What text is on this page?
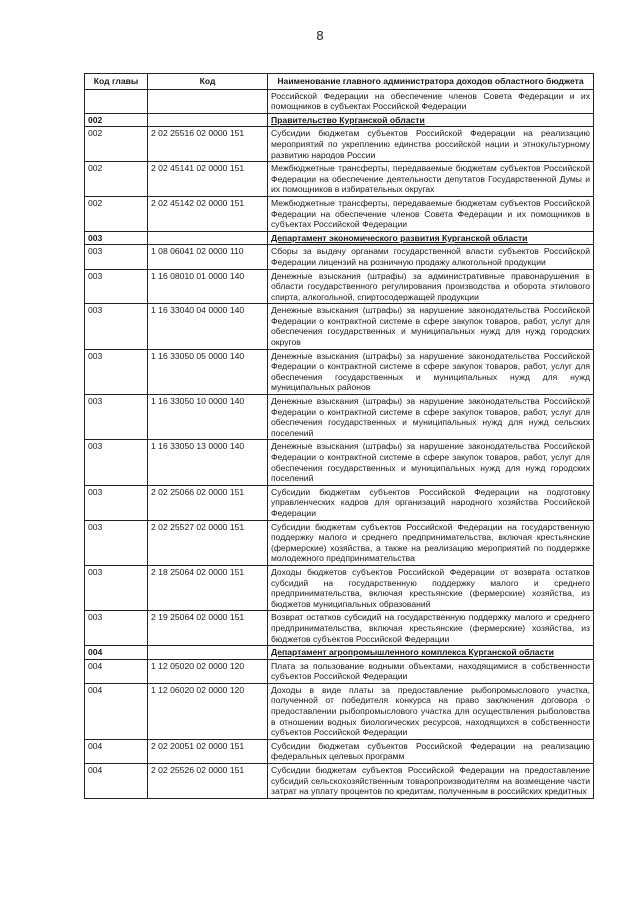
8
Код главы	Код	Наименование главного администратора доходов областного бюджета
		Российской Федерации на обеспечение членов Совета Федерации и их помощников в субъектах Российской Федерации
002		Правительство Курганской области
002	2 02 25516 02 0000 151	Субсидии бюджетам субъектов Российской Федерации на реализацию мероприятий по укреплению единства российской нации и этнокультурному развитию народов России
002	2 02 45141 02 0000 151	Межбюджетные трансферты, передаваемые бюджетам субъектов Российской Федерации на обеспечение деятельности депутатов Государственной Думы и их помощников в избирательных округах
002	2 02 45142 02 0000 151	Межбюджетные трансферты, передаваемые бюджетам субъектов Российской Федерации на обеспечение членов Совета Федерации и их помощников в субъектах Российской Федерации
003		Департамент экономического развития Курганской области
003	1 08 06041 02 0000 110	Сборы за выдачу органами государственной власти субъектов Российской Федерации лицензий на розничную продажу алкогольной продукции
003	1 16 08010 01 0000 140	Денежные взыскания (штрафы) за административные правонарушения в области государственного регулирования производства и оборота этилового спирта, алкогольной, спиртосодержащей продукции
003	1 16 33040 04 0000 140	Денежные взыскания (штрафы) за нарушение законодательства Российской Федерации о контрактной системе в сфере закупок товаров, работ, услуг для обеспечения государственных и муниципальных нужд для нужд городских округов
003	1 16 33050 05 0000 140	Денежные взыскания (штрафы) за нарушение законодательства Российской Федерации о контрактной системе в сфере закупок товаров, работ, услуг для обеспечения государственных и муниципальных нужд для нужд муниципальных районов
003	1 16 33050 10 0000 140	Денежные взыскания (штрафы) за нарушение законодательства Российской Федерации о контрактной системе в сфере закупок товаров, работ, услуг для обеспечения государственных и муниципальных нужд для нужд сельских поселений
003	1 16 33050 13 0000 140	Денежные взыскания (штрафы) за нарушение законодательства Российской Федерации о контрактной системе в сфере закупок товаров, работ, услуг для обеспечения государственных и муниципальных нужд для нужд городских поселений
003	2 02 25066 02 0000 151	Субсидии бюджетам субъектов Российской Федерации на подготовку управленческих кадров для организаций народного хозяйства Российской Федерации
003	2 02 25527 02 0000 151	Субсидии бюджетам субъектов Российской Федерации на государственную поддержку малого и среднего предпринимательства, включая крестьянские (фермерские) хозяйства, а также на реализацию мероприятий по поддержке молодежного предпринимательства
003	2 18 25064 02 0000 151	Доходы бюджетов субъектов Российской Федерации от возврата остатков субсидий на государственную поддержку малого и среднего предпринимательства, включая крестьянские (фермерские) хозяйства, из бюджетов муниципальных образований
003	2 19 25064 02 0000 151	Возврат остатков субсидий на государственную поддержку малого и среднего предпринимательства, включая крестьянские (фермерские) хозяйства, из бюджетов субъектов Российской Федерации
004		Департамент агропромышленного комплекса Курганской области
004	1 12 05020 02 0000 120	Плата за пользование водными объектами, находящимися в собственности субъектов Российской Федерации
004	1 12 06020 02 0000 120	Доходы в виде платы за предоставление рыбопромыслового участка, полученной от победителя конкурса на право заключения договора о предоставлении рыбопромыслового участка для осуществления рыболовства в отношении водных биологических ресурсов, находящихся в собственности субъектов Российской Федерации
004	2 02 20051 02 0000 151	Субсидии бюджетам субъектов Российской Федерации на реализацию федеральных целевых программ
004	2 02 25526 02 0000 151	Субсидии бюджетам субъектов Российской Федерации на предоставление субсидий сельскохозяйственным товаропроизводителям на возмещение части затрат на уплату процентов по кредитам, полученным в российских кредитных
